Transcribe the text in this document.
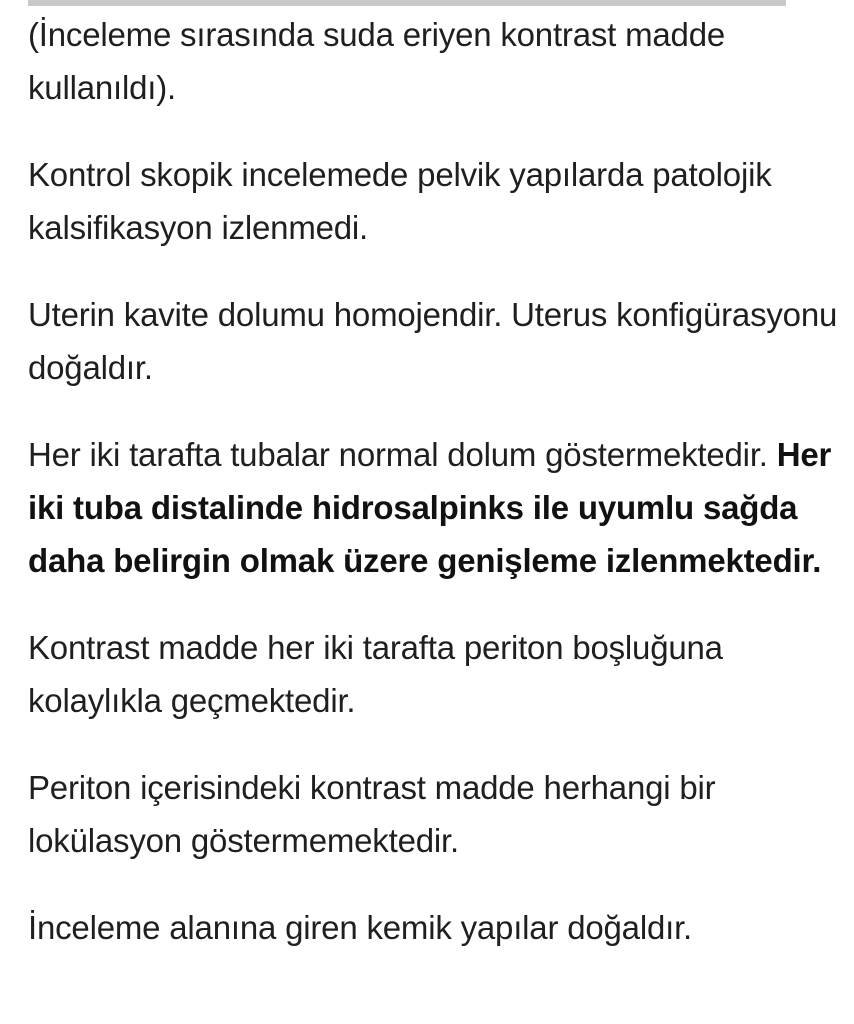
(İnceleme sırasında suda eriyen kontrast madde kullanıldı).

Kontrol skopik incelemede pelvik yapılarda patolojik kalsifikasyon izlenmedi.

Uterin kavite dolumu homojendir. Uterus konfigürasyonu doğaldır.

Her iki tarafta tubalar normal dolum göstermektedir. Her iki tuba distalinde hidrosalpinks ile uyumlu sağda daha belirgin olmak üzere genişleme izlenmektedir.

Kontrast madde her iki tarafta periton boşluğuna kolaylıkla geçmektedir.

Periton içerisindeki kontrast madde herhangi bir lokülasyon göstermemektedir.

İnceleme alanına giren kemik yapılar doğaldır.
